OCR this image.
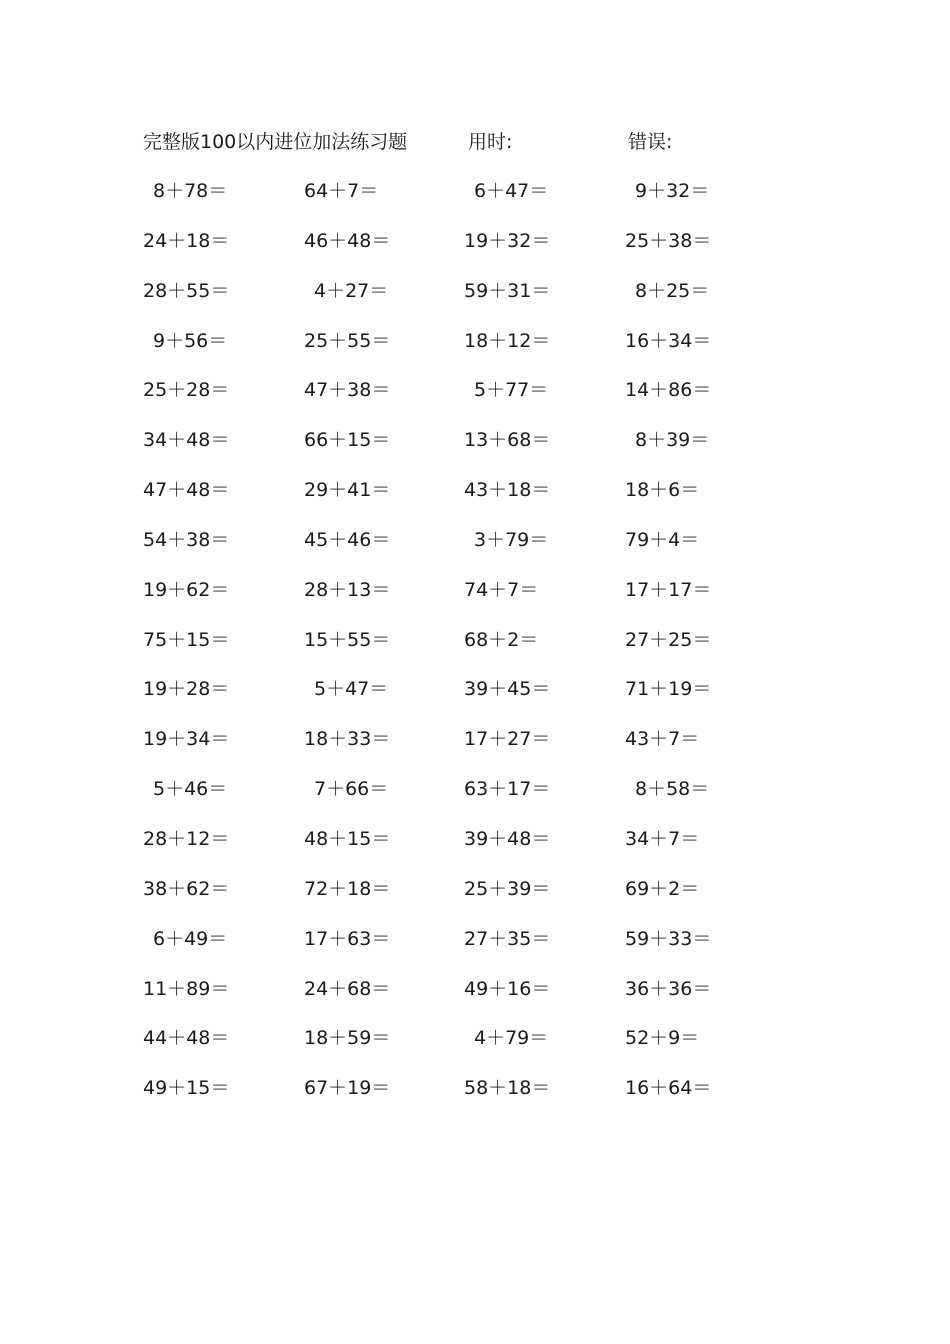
完整版100以内进位加法练习题	用时:	错误:
8＋78＝	64＋7＝	6＋47＝	9＋32＝
24＋18＝	46＋48＝	19＋32＝	25＋38＝
28＋55＝	4＋27＝	59＋31＝	8＋25＝
9＋56＝	25＋55＝	18＋12＝	16＋34＝
25＋28＝	47＋38＝	5＋77＝	14＋86＝
34＋48＝	66＋15＝	13＋68＝	8＋39＝
47＋48＝	29＋41＝	43＋18＝	18＋6＝
54＋38＝	45＋46＝	3＋79＝	79＋4＝
19＋62＝	28＋13＝	74＋7＝	17＋17＝
75＋15＝	15＋55＝	68＋2＝	27＋25＝
19＋28＝	5＋47＝	39＋45＝	71＋19＝
19＋34＝	18＋33＝	17＋27＝	43＋7＝
5＋46＝	7＋66＝	63＋17＝	8＋58＝
28＋12＝	48＋15＝	39＋48＝	34＋7＝
38＋62＝	72＋18＝	25＋39＝	69＋2＝
6＋49＝	17＋63＝	27＋35＝	59＋33＝
11＋89＝	24＋68＝	49＋16＝	36＋36＝
44＋48＝	18＋59＝	4＋79＝	52＋9＝
49＋15＝	67＋19＝	58＋18＝	16＋64＝
